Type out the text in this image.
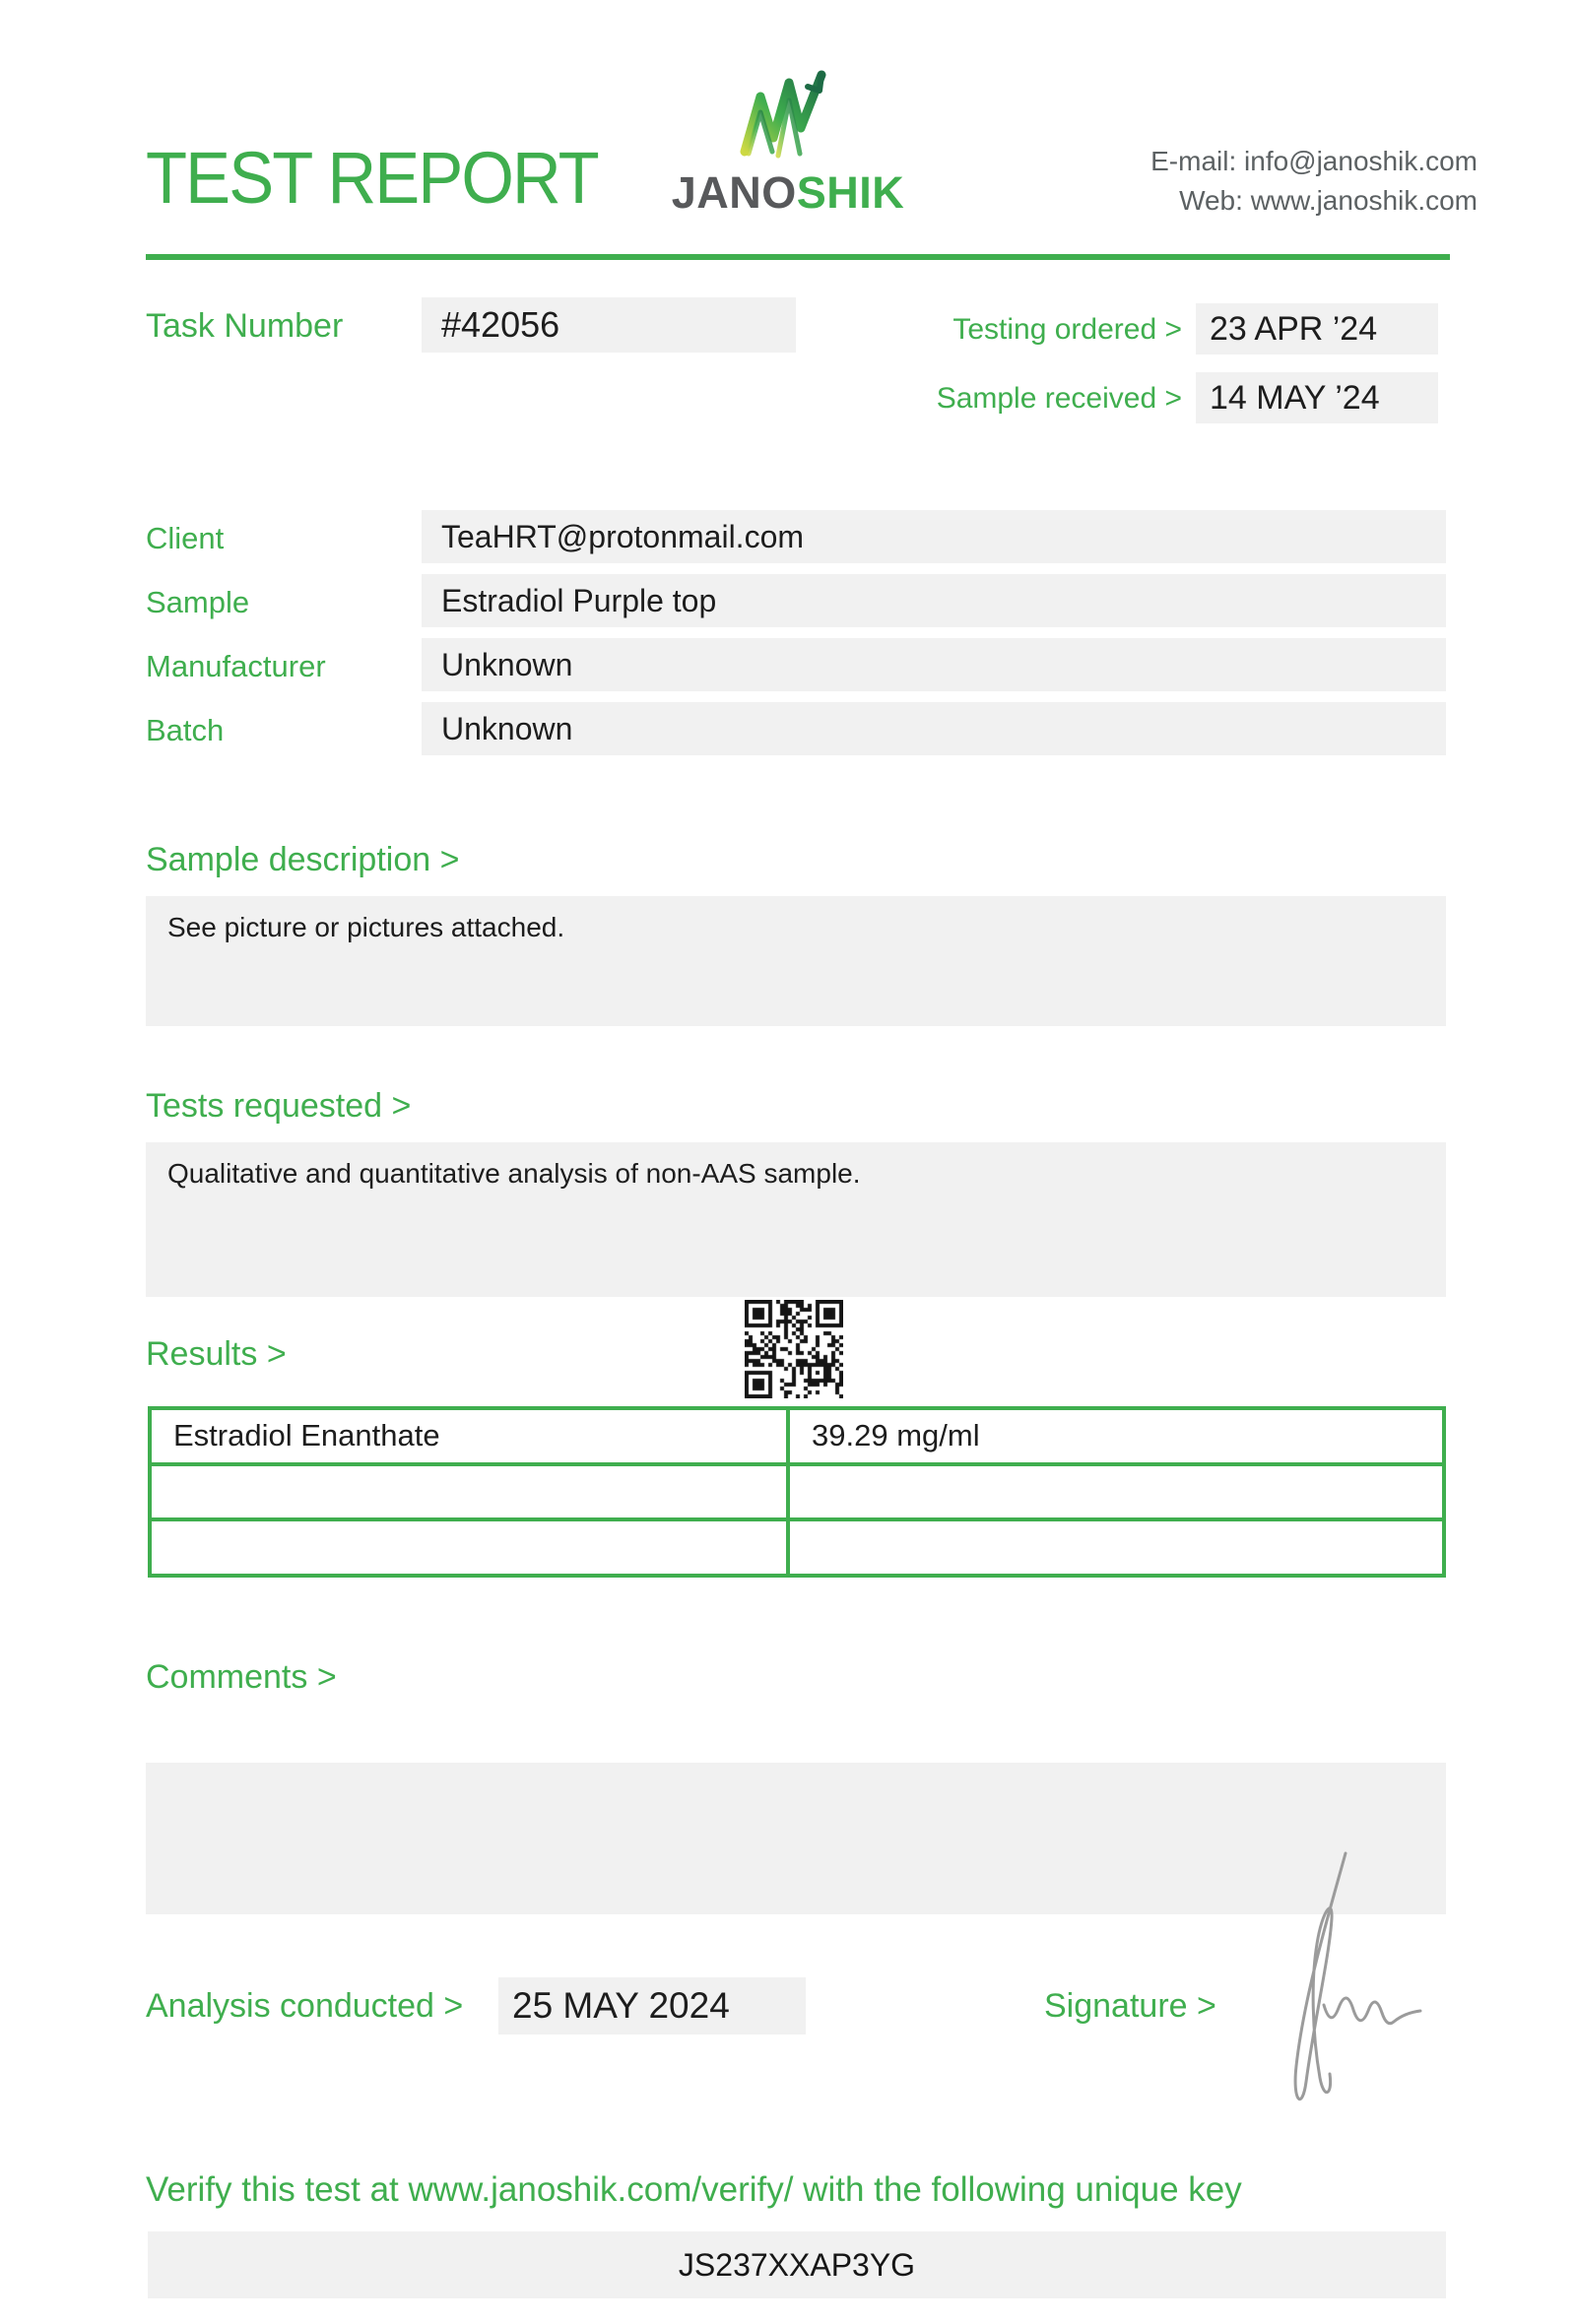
TEST REPORT JANOSHIK
E-mail: info@janoshik.com
Web: www.janoshik.com
Task Number	#42056	Testing ordered > 23 APR ’24
Sample received > 14 MAY ’24
Client	TeaHRT@protonmail.com
Sample	Estradiol Purple top
Manufacturer	Unknown
Batch	Unknown
Sample description >
See picture or pictures attached.
Tests requested >
Qualitative and quantitative analysis of non-AAS sample.
Results >
Estradiol Enanthate	39.29 mg/ml
Comments >
Analysis conducted >	25 MAY 2024	Signature >
Verify this test at www.janoshik.com/verify/ with the following unique key
JS237XXAP3YG
